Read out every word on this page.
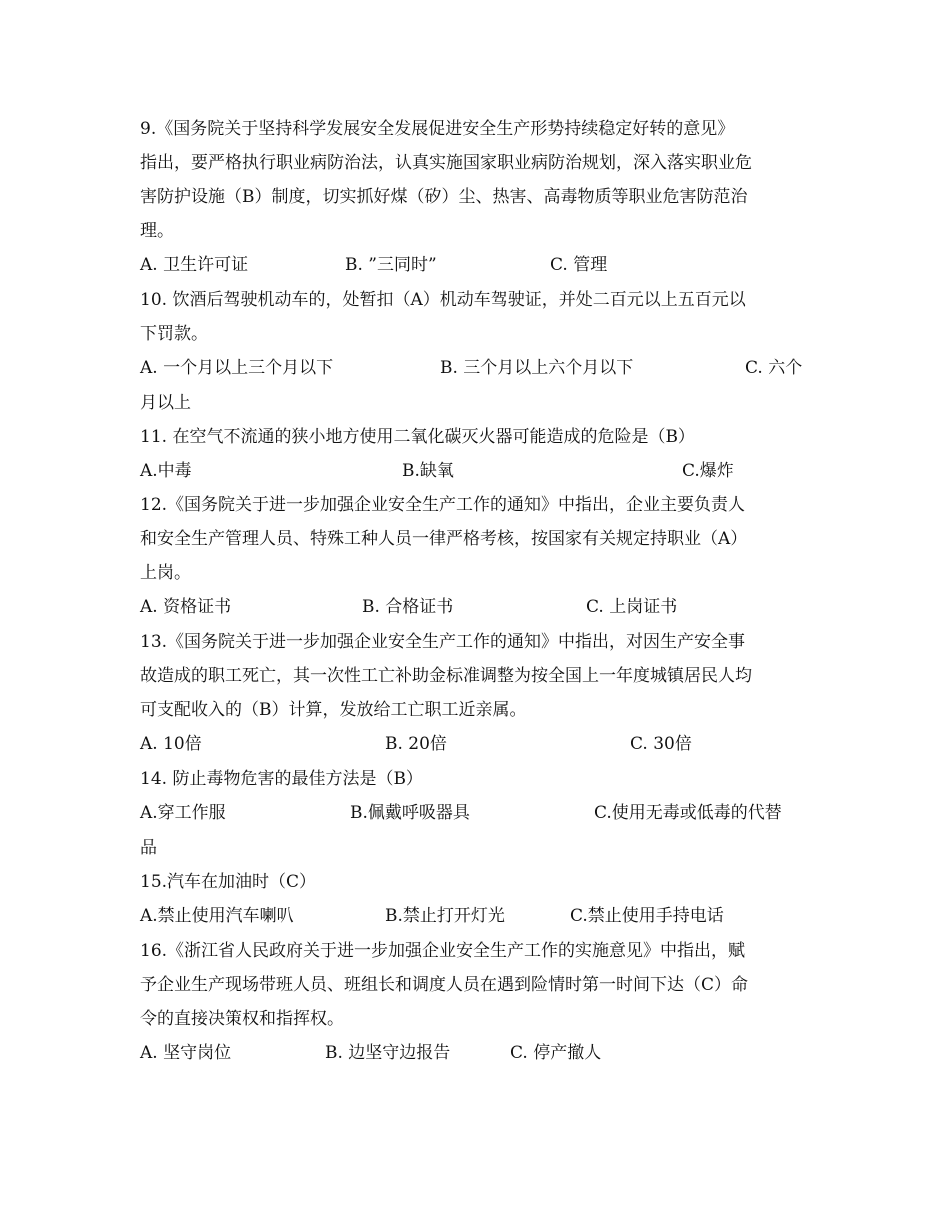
9.《国务院关于坚持科学发展安全发展促进安全生产形势持续稳定好转的意见》
指出，要严格执行职业病防治法，认真实施国家职业病防治规划，深入落实职业危
害防护设施（B）制度，切实抓好煤（矽）尘、热害、高毒物质等职业危害防范治
理。
A. 卫生许可证	B. ”三同时”	C. 管理
10. 饮酒后驾驶机动车的，处暂扣（A）机动车驾驶证，并处二百元以上五百元以
下罚款。
A. 一个月以上三个月以下	B. 三个月以上六个月以下	C. 六个
月以上
11. 在空气不流通的狭小地方使用二氧化碳灭火器可能造成的危险是（B）
A.中毒	B.缺氧	C.爆炸
12.《国务院关于进一步加强企业安全生产工作的通知》中指出，企业主要负责人
和安全生产管理人员、特殊工种人员一律严格考核，按国家有关规定持职业（A）
上岗。
A. 资格证书	B. 合格证书	C. 上岗证书
13.《国务院关于进一步加强企业安全生产工作的通知》中指出，对因生产安全事
故造成的职工死亡，其一次性工亡补助金标准调整为按全国上一年度城镇居民人均
可支配收入的（B）计算，发放给工亡职工近亲属。
A. 10倍	B. 20倍	C. 30倍
14. 防止毒物危害的最佳方法是（B）
A.穿工作服	B.佩戴呼吸器具	C.使用无毒或低毒的代替
品
15.汽车在加油时（C）
A.禁止使用汽车喇叭	B.禁止打开灯光	C.禁止使用手持电话
16.《浙江省人民政府关于进一步加强企业安全生产工作的实施意见》中指出，赋
予企业生产现场带班人员、班组长和调度人员在遇到险情时第一时间下达（C）命
令的直接决策权和指挥权。
A. 坚守岗位	B. 边坚守边报告	C. 停产撤人
